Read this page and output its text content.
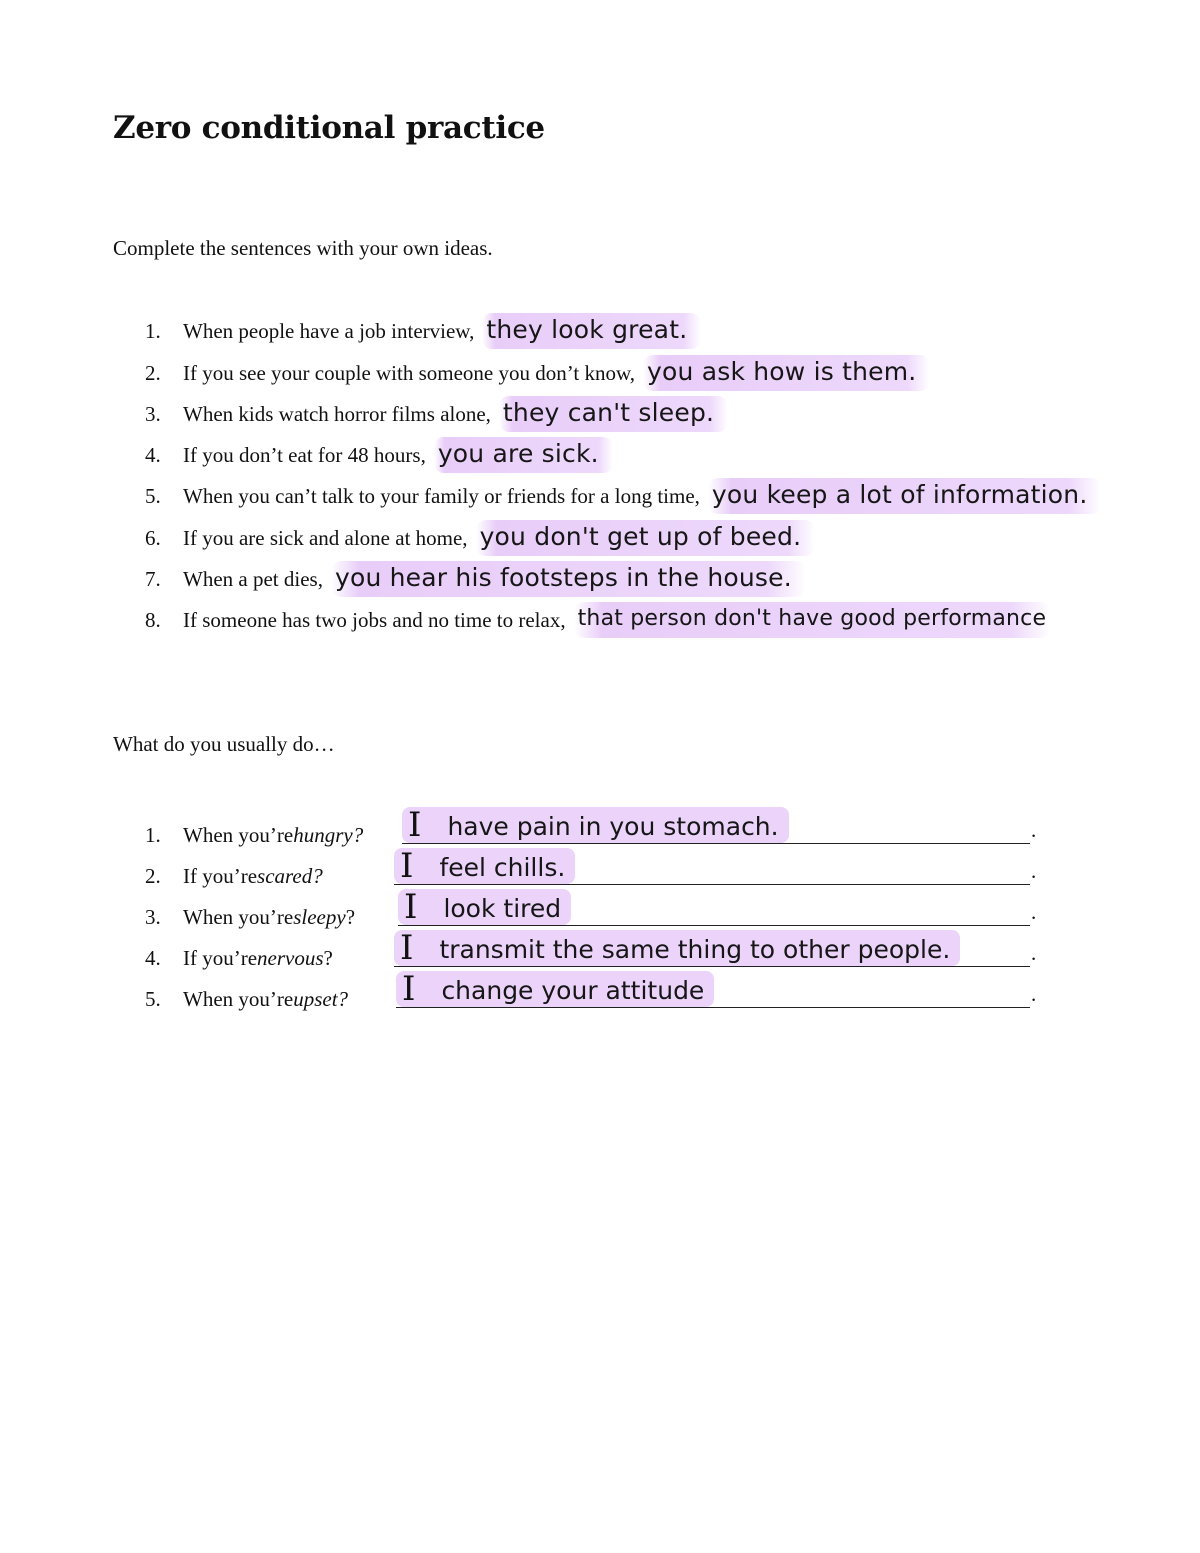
Zero conditional practice

Complete the sentences with your own ideas.

1.	When people have a job interview, they look great.
2.	If you see your couple with someone you don’t know, you ask how is them.
3.	When kids watch horror films alone, they can't sleep.
4.	If you don’t eat for 48 hours, you are sick.
5.	When you can’t talk to your family or friends for a long time, you keep a lot of information.
6.	If you are sick and alone at home, you don't get up of beed.
7.	When a pet dies, you hear his footsteps in the house.
8.	If someone has two jobs and no time to relax, that person don't have good performance

What do you usually do…

1.	When you’re hungry? I have pain in you stomach.	.
2.	If you’re scared? I feel chills.	.
3.	When you’re sleepy ? I look tired	.
4.	If you’re nervous ? I transmit the same thing to other people.	.
5.	When you’re upset? I change your attitude	.
